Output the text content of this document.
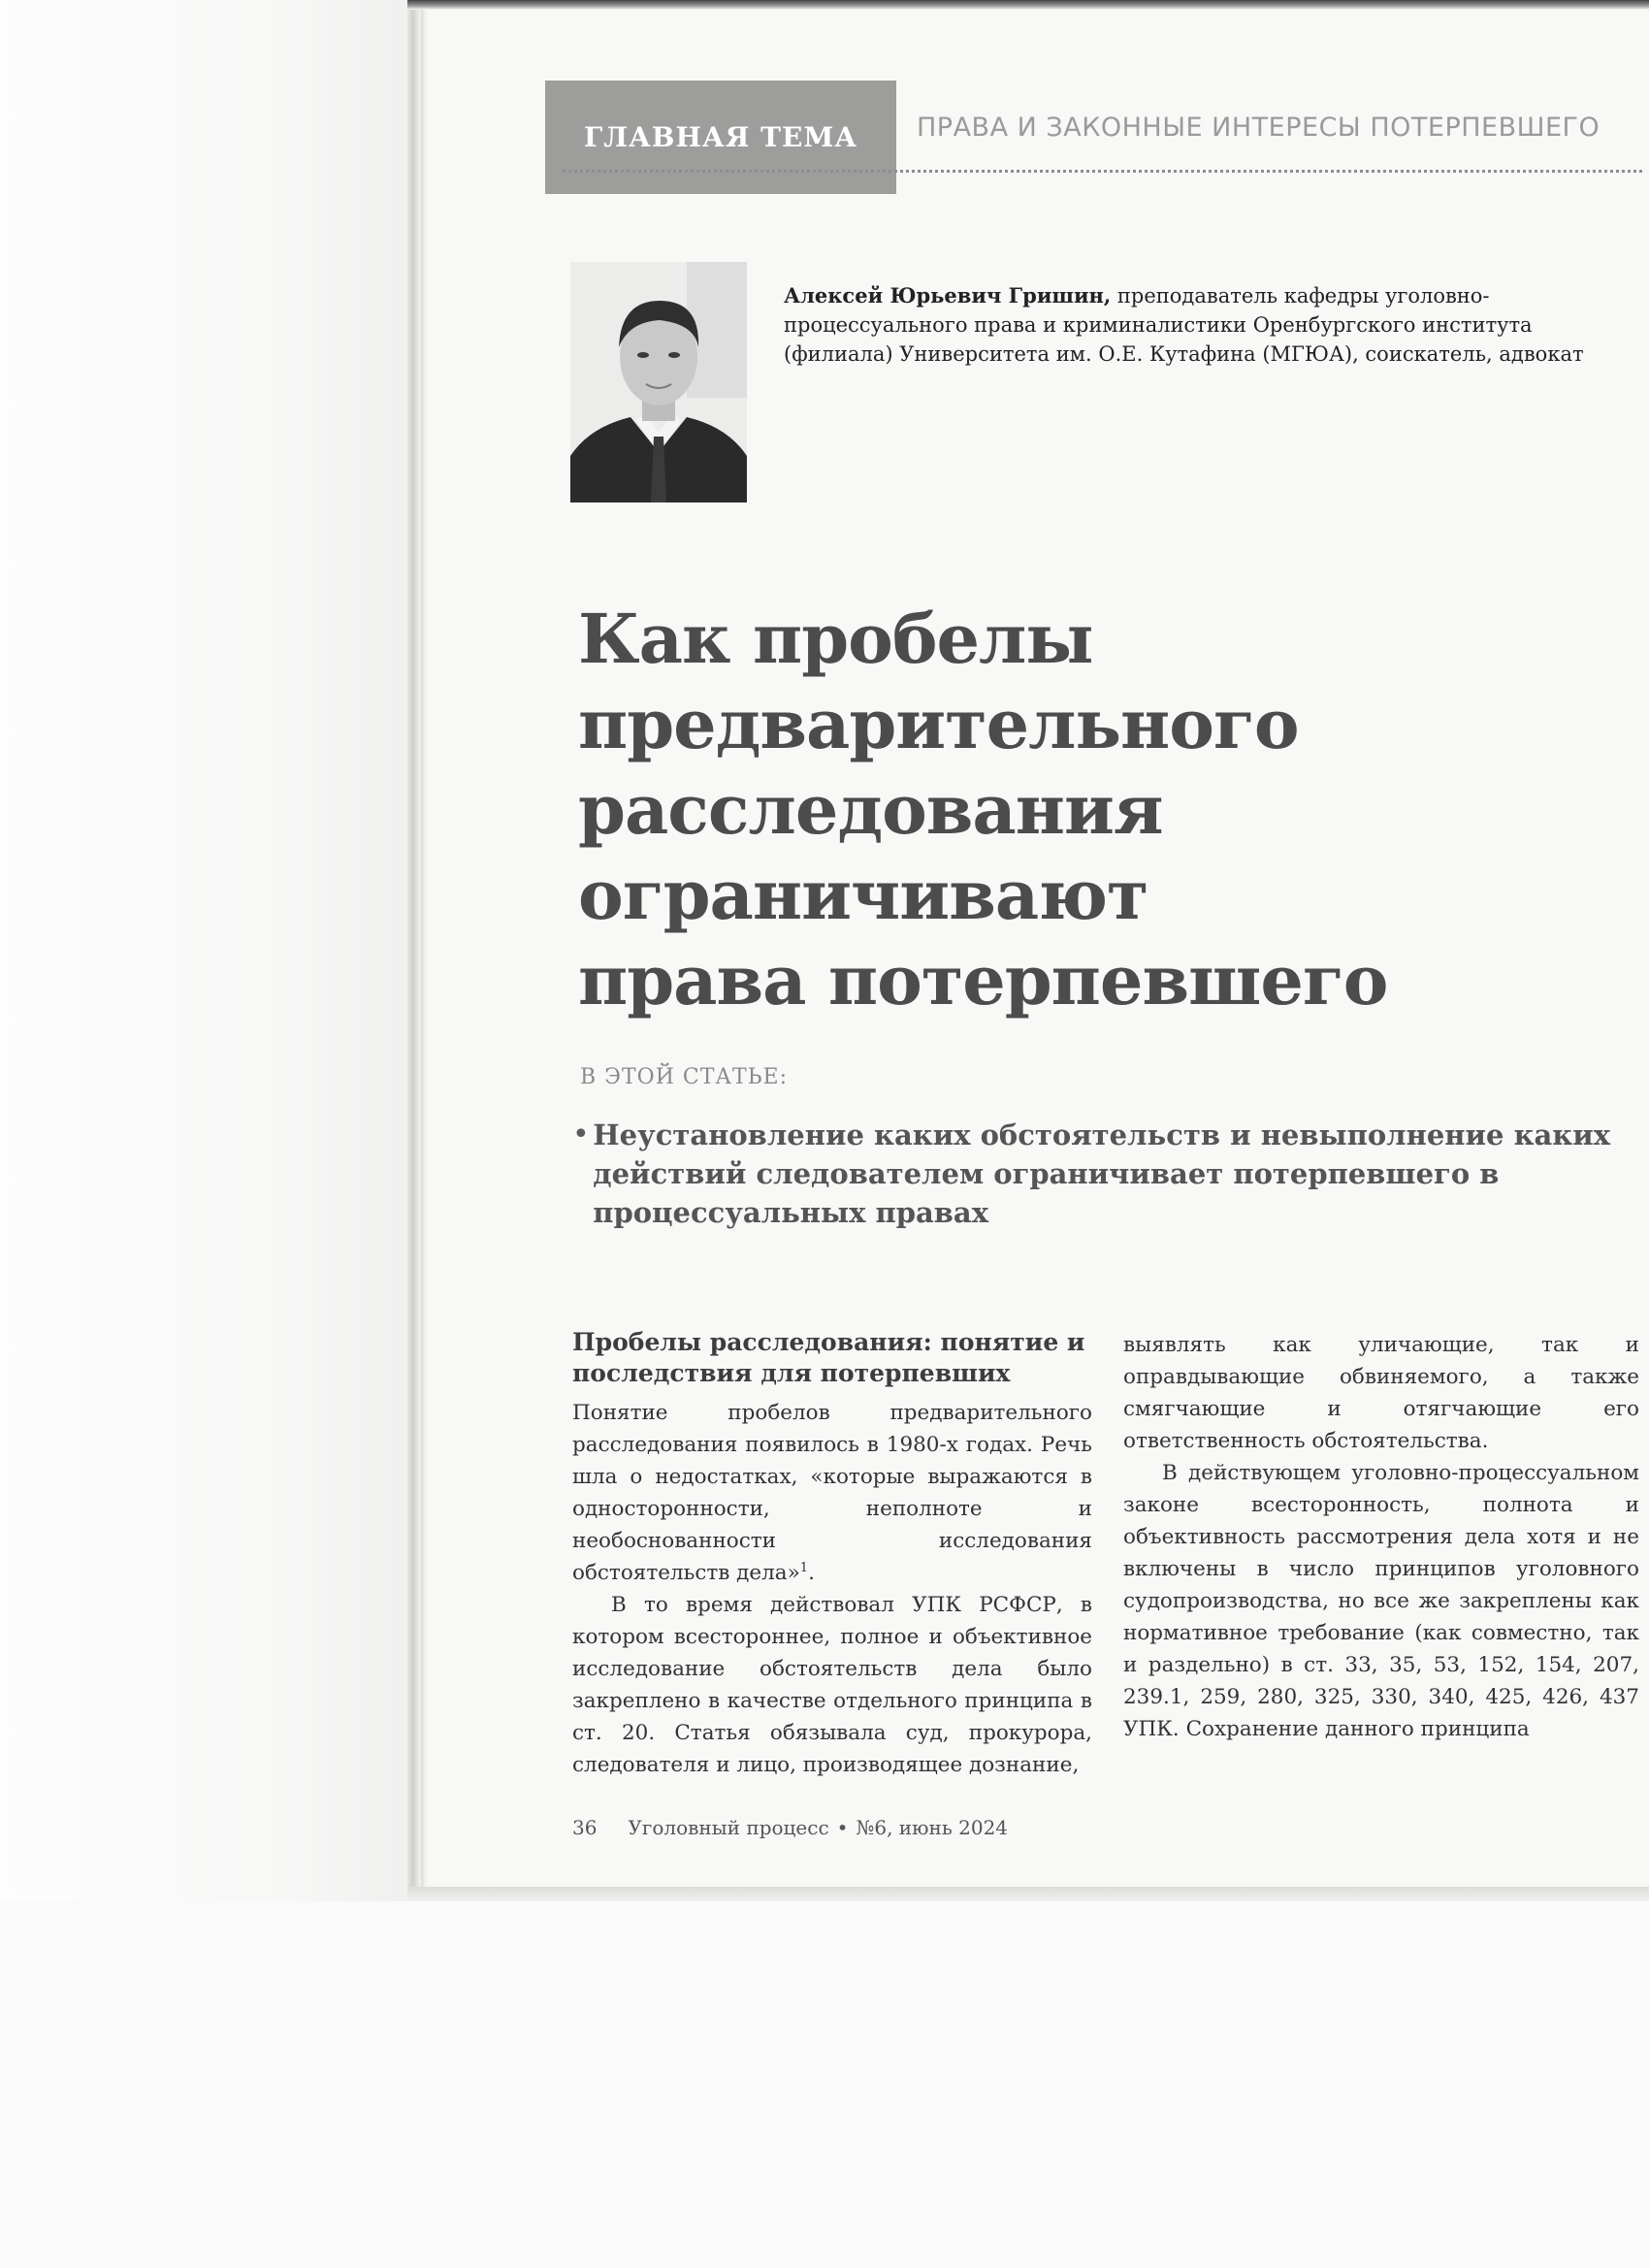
ГЛАВНАЯ ТЕМА	ПРАВА И ЗАКОННЫЕ ИНТЕРЕСЫ ПОТЕРПЕВШЕГО
Алексей Юрьевич Гришин, преподаватель кафедры уголовно-процессуального права и криминалистики Оренбургского института (филиала) Университета им. О.Е. Кутафина (МГЮА), соискатель, адвокат
Как пробелы
предварительного
расследования
ограничивают
права потерпевшего
В ЭТОЙ СТАТЬЕ:
• Неустановление каких обстоятельств и невыполнение каких действий следователем ограничивает потерпевшего в процессуальных правах
Пробелы расследования: понятие и последствия для потерпевших

Понятие пробелов предварительного расследования появилось в 1980-х годах. Речь шла о недостатках, «которые выражаются в односторонности, неполноте и необоснованности исследования обстоятельств дела»$^1$.

В то время действовал УПК РСФСР, в котором всестороннее, полное и объективное исследование обстоятельств дела было закреплено в качестве отдельного принципа в ст. 20. Статья обязывала суд, прокурора, следователя и лицо, производящее дознание,

выявлять как уличающие, так и оправдывающие обвиняемого, а также смягчающие и отягчающие его ответственность обстоятельства.

В действующем уголовно-процессуальном законе всесторонность, полнота и объективность рассмотрения дела хотя и не включены в число принципов уголовного судопроизводства, но все же закреплены как нормативное требование (как совместно, так и раздельно) в ст. 33, 35, 53, 152, 154, 207, 239.1, 259, 280, 325, 330, 340, 425, 426, 437 УПК. Сохранение данного принципа

36 Уголовный процесс • №6, июнь 2024
